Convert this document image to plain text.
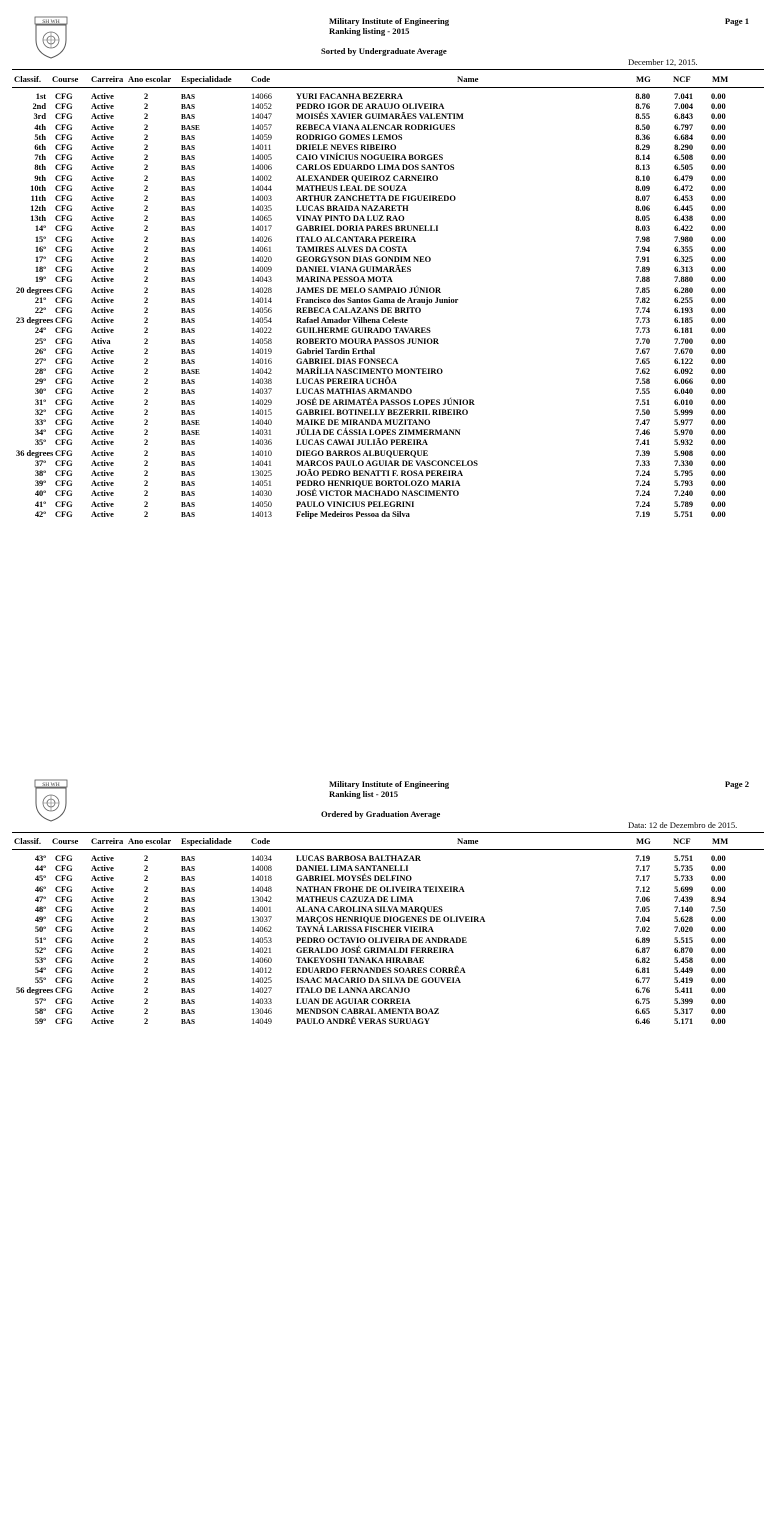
SH WH	Military Institute of Engineering
Ranking listing - 2015
Sorted by Undergraduate Average
Page 1
December 12, 2015.
Classif. Course Carreira Ano escolar Especialidade Code	Name	MG	NCF MM
1st CFG Active	2	BAS	14066	YURI FACANHA BEZERRA	8.80	7.041 0.00
2nd CFG Active	2	BAS	14052	PEDRO IGOR DE ARAUJO OLIVEIRA	8.76	7.004 0.00
3rd CFG Active	2	BAS	14047	MOISÉS XAVIER GUIMARÃES VALENTIM	8.55	6.843 0.00
4th CFG Active	2	BASE	14057	REBECA VIANA ALENCAR RODRIGUES	8.50	6.797 0.00
5th CFG Active	2	BAS	14059	RODRIGO GOMES LEMOS	8.36	6.684 0.00
6th CFG Active	2	BAS	14011	DRIELE NEVES RIBEIRO	8.29	8.290 0.00
7th CFG Active	2	BAS	14005	CAIO VINÍCIUS NOGUEIRA BORGES	8.14	6.508 0.00
8th CFG Active	2	BAS	14006	CARLOS EDUARDO LIMA DOS SANTOS	8.13	6.505 0.00
9th CFG Active	2	BAS	14002	ALEXANDER QUEIROZ CARNEIRO	8.10	6.479 0.00
10th CFG Active	2	BAS	14044	MATHEUS LEAL DE SOUZA	8.09	6.472 0.00
11th CFG Active	2	BAS	14003	ARTHUR ZANCHETTA DE FIGUEIREDO	8.07	6.453 0.00
12th CFG Active	2	BAS	14035	LUCAS BRAIDA NAZARETH	8.06	6.445 0.00
13th CFG Active	2	BAS	14065	VINAY PINTO DA LUZ RAO	8.05	6.438 0.00
14º CFG Active	2	BAS	14017	GABRIEL DORIA PARES BRUNELLI	8.03	6.422 0.00
15º CFG Active	2	BAS	14026	ITALO ALCANTARA PEREIRA	7.98	7.980 0.00
16º CFG Active	2	BAS	14061	TAMIRES ALVES DA COSTA	7.94	6.355 0.00
17º CFG Active	2	BAS	14020	GEORGYSON DIAS GONDIM NEO	7.91	6.325 0.00
18º CFG Active	2	BAS	14009	DANIEL VIANA GUIMARÃES	7.89	6.313 0.00
19º CFG Active	2	BAS	14043	MARINA PESSOA MOTA	7.88	7.880 0.00
20 degrees CFG Active	2	BAS	14028	JAMES DE MELO SAMPAIO JÚNIOR	7.85	6.280 0.00
21º CFG Active	2	BAS	14014	Francisco dos Santos Gama de Araujo Junior	7.82	6.255 0.00
22º CFG Active	2	BAS	14056	REBECA CALAZANS DE BRITO	7.74	6.193 0.00
23 degrees CFG Active	2	BAS	14054	Rafael Amador Vilhena Celeste	7.73	6.185 0.00
24º CFG Active	2	BAS	14022	GUILHERME GUIRADO TAVARES	7.73	6.181 0.00
25º CFG Ativa	2	BAS	14058	ROBERTO MOURA PASSOS JUNIOR	7.70	7.700 0.00
26º CFG Active	2	BAS	14019	Gabriel Tardin Erthal	7.67	7.670 0.00
27º CFG Active	2	BAS	14016	GABRIEL DIAS FONSECA	7.65	6.122 0.00
28º CFG Active	2	BASE	14042	MARÍLIA NASCIMENTO MONTEIRO	7.62	6.092 0.00
29º CFG Active	2	BAS	14038	LUCAS PEREIRA UCHÔA	7.58	6.066 0.00
30º CFG Active	2	BAS	14037	LUCAS MATHIAS ARMANDO	7.55	6.040 0.00
31º CFG Active	2	BAS	14029	JOSÉ DE ARIMATÉA PASSOS LOPES JÚNIOR	7.51	6.010 0.00
32º CFG Active	2	BAS	14015	GABRIEL BOTINELLY BEZERRIL RIBEIRO	7.50	5.999 0.00
33º CFG Active	2	BASE	14040	MAIKE DE MIRANDA MUZITANO	7.47	5.977 0.00
34º CFG Active	2	BASE	14031	JÚLIA DE CÁSSIA LOPES ZIMMERMANN	7.46	5.970 0.00
35º CFG Active	2	BAS	14036	LUCAS CAWAI JULIÃO PEREIRA	7.41	5.932 0.00
36 degrees CFG Active	2	BAS	14010	DIEGO BARROS ALBUQUERQUE	7.39	5.908 0.00
37º CFG Active	2	BAS	14041	MARCOS PAULO AGUIAR DE VASCONCELOS	7.33	7.330 0.00
38º CFG Active	2	BAS	13025	JOÃO PEDRO BENATTI F. ROSA PEREIRA	7.24	5.795 0.00
39º CFG Active	2	BAS	14051	PEDRO HENRIQUE BORTOLOZO MARIA	7.24	5.793 0.00
40º CFG Active	2	BAS	14030	JOSÉ VICTOR MACHADO NASCIMENTO	7.24	7.240 0.00
41º CFG Active	2	BAS	14050	PAULO VINICIUS PELEGRINI	7.24	5.789 0.00
42º CFG Active	2	BAS	14013	Felipe Medeiros Pessoa da Silva	7.19	5.751 0.00
SH WH	Military Institute of Engineering
Ranking list - 2015
Ordered by Graduation Average
Page 2
Data: 12 de Dezembro de 2015.
Classif. Course Carreira Ano escolar Especialidade Code	Name	MG	NCF MM
43º CFG Active	2	BAS	14034	LUCAS BARBOSA BALTHAZAR	7.19	5.751 0.00
44º CFG Active	2	BAS	14008	DANIEL LIMA SANTANELLI	7.17	5.735 0.00
45º CFG Active	2	BAS	14018	GABRIEL MOYSÉS DELFINO	7.17	5.733 0.00
46º CFG Active	2	BAS	14048	NATHAN FROHE DE OLIVEIRA TEIXEIRA	7.12	5.699 0.00
47º CFG Active	2	BAS	13042	MATHEUS CAZUZA DE LIMA	7.06	7.439 8.94
48º CFG Active	2	BAS	14001	ALANA CAROLINA SILVA MARQUES	7.05	7.140 7.50
49º CFG Active	2	BAS	13037	MARÇOS HENRIQUE DIOGENES DE OLIVEIRA	7.04	5.628 0.00
50º CFG Active	2	BAS	14062	TAYNÁ LARISSA FISCHER VIEIRA	7.02	7.020 0.00
51º CFG Active	2	BAS	14053	PEDRO OCTAVIO OLIVEIRA DE ANDRADE	6.89	5.515 0.00
52º CFG Active	2	BAS	14021	GERALDO JOSÉ GRIMALDI FERREIRA	6.87	6.870 0.00
53º CFG Active	2	BAS	14060	TAKEYOSHI TANAKA HIRABAE	6.82	5.458 0.00
54º CFG Active	2	BAS	14012	EDUARDO FERNANDES SOARES CORRÊA	6.81	5.449 0.00
55º CFG Active	2	BAS	14025	ISAAC MACARIO DA SILVA DE GOUVEIA	6.77	5.419 0.00
56 degrees CFG Active	2	BAS	14027	ITALO DE LANNA ARCANJO	6.76	5.411 0.00
57º CFG Active	2	BAS	14033	LUAN DE AGUIAR CORREIA	6.75	5.399 0.00
58º CFG Active	2	BAS	13046	MENDSON CABRAL AMENTA BOAZ	6.65	5.317 0.00
59º CFG Active	2	BAS	14049	PAULO ANDRÉ VERAS SURUAGY	6.46	5.171 0.00
